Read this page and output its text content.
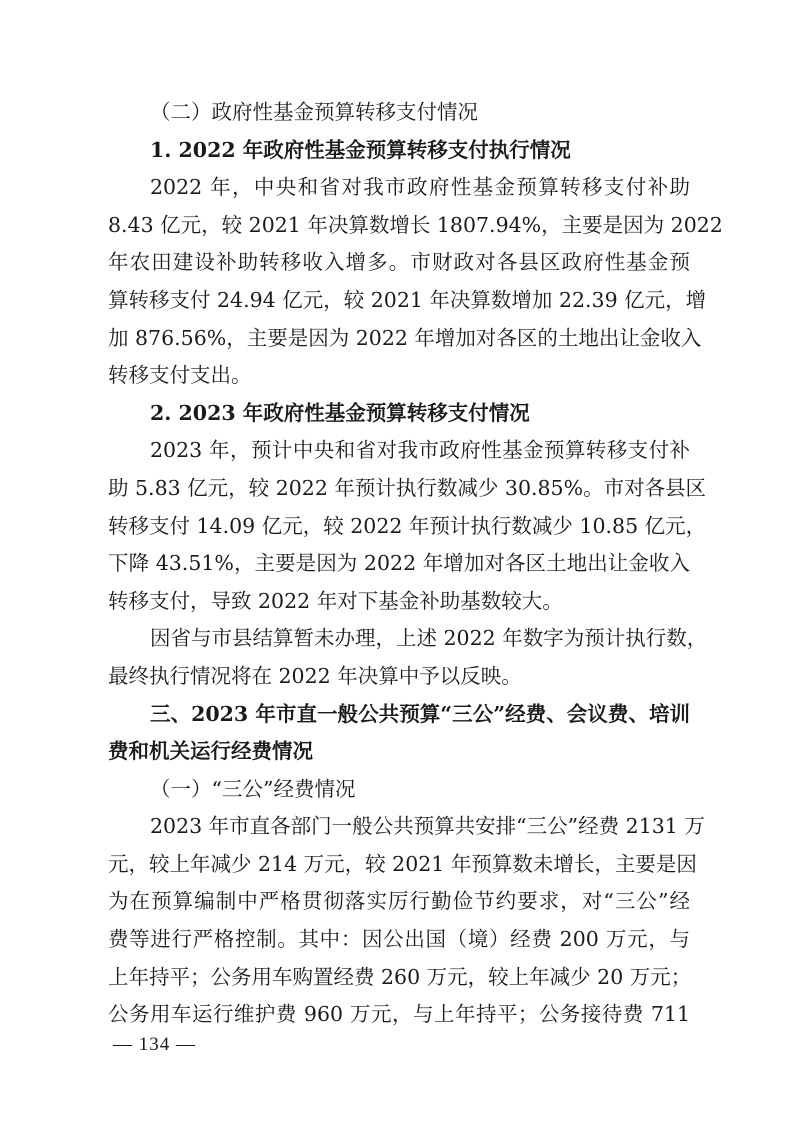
（二）政府性基金预算转移支付情况
1. 2022 年政府性基金预算转移支付执行情况
2022 年，中央和省对我市政府性基金预算转移支付补助
8.43 亿元，较 2021 年决算数增长 1807.94%，主要是因为 2022
年农田建设补助转移收入增多。市财政对各县区政府性基金预
算转移支付 24.94 亿元，较 2021 年决算数增加 22.39 亿元，增
加 876.56%，主要是因为 2022 年增加对各区的土地出让金收入
转移支付支出。
2. 2023 年政府性基金预算转移支付情况
2023 年，预计中央和省对我市政府性基金预算转移支付补
助 5.83 亿元，较 2022 年预计执行数减少 30.85%。市对各县区
转移支付 14.09 亿元，较 2022 年预计执行数减少 10.85 亿元，
下降 43.51%，主要是因为 2022 年增加对各区土地出让金收入
转移支付，导致 2022 年对下基金补助基数较大。
因省与市县结算暂未办理，上述 2022 年数字为预计执行数，
最终执行情况将在 2022 年决算中予以反映。
三、2023 年市直一般公共预算“三公”经费、会议费、培训
费和机关运行经费情况
（一）“三公”经费情况
2023 年市直各部门一般公共预算共安排“三公”经费 2131 万
元，较上年减少 214 万元，较 2021 年预算数未增长，主要是因
为在预算编制中严格贯彻落实厉行勤俭节约要求，对“三公”经
费等进行严格控制。其中：因公出国（境）经费 200 万元，与
上年持平；公务用车购置经费 260 万元，较上年减少 20 万元；
公务用车运行维护费 960 万元，与上年持平；公务接待费 711
— 134 —
